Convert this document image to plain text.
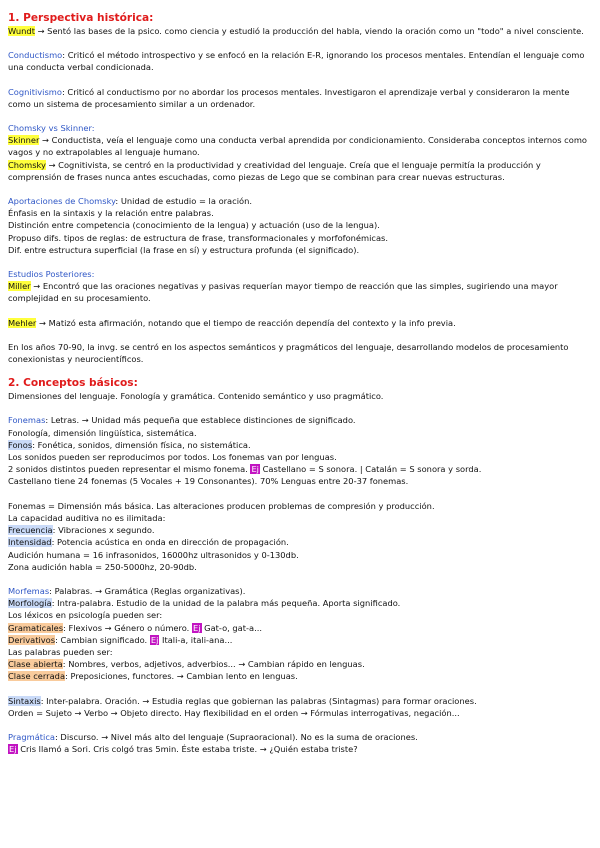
1. Perspectiva histórica:
Wundt → Sentó las bases de la psico. como ciencia y estudió la producción del habla, viendo la oración como un "todo" a nivel consciente.
Conductismo: Criticó el método introspectivo y se enfocó en la relación E-R, ignorando los procesos mentales. Entendían el lenguaje como una conducta verbal condicionada.
Cognitivismo: Criticó al conductismo por no abordar los procesos mentales. Investigaron el aprendizaje verbal y consideraron la mente como un sistema de procesamiento similar a un ordenador.
Chomsky vs Skinner:
Skinner → Conductista, veía el lenguaje como una conducta verbal aprendida por condicionamiento. Consideraba conceptos internos como vagos y no extrapolables al lenguaje humano.
Chomsky → Cognitivista, se centró en la productividad y creatividad del lenguaje. Creía que el lenguaje permitía la producción y comprensión de frases nunca antes escuchadas, como piezas de Lego que se combinan para crear nuevas estructuras.
Aportaciones de Chomsky: Unidad de estudio = la oración.
Énfasis en la sintaxis y la relación entre palabras.
Distinción entre competencia (conocimiento de la lengua) y actuación (uso de la lengua).
Propuso difs. tipos de reglas: de estructura de frase, transformacionales y morfofonémicas.
Dif. entre estructura superficial (la frase en sí) y estructura profunda (el significado).
Estudios Posteriores:
Miller → Encontró que las oraciones negativas y pasivas requerían mayor tiempo de reacción que las simples, sugiriendo una mayor complejidad en su procesamiento.
Mehler → Matizó esta afirmación, notando que el tiempo de reacción dependía del contexto y la info previa.
En los años 70-90, la invg. se centró en los aspectos semánticos y pragmáticos del lenguaje, desarrollando modelos de procesamiento conexionistas y neurocientíficos.
2. Conceptos básicos:
Dimensiones del lenguaje. Fonología y gramática. Contenido semántico y uso pragmático.
Fonemas: Letras. → Unidad más pequeña que establece distinciones de significado.
Fonología, dimensión lingüística, sistemática.
Fonos: Fonética, sonidos, dimensión física, no sistemática.
Los sonidos pueden ser reproducimos por todos. Los fonemas van por lenguas.
2 sonidos distintos pueden representar el mismo fonema. Ej Castellano = S sonora. | Catalán = S sonora y sorda.
Castellano tiene 24 fonemas (5 Vocales + 19 Consonantes). 70% Lenguas entre 20-37 fonemas.
Fonemas = Dimensión más básica. Las alteraciones producen problemas de compresión y producción.
La capacidad auditiva no es ilimitada:
Frecuencia: Vibraciones x segundo.
Intensidad: Potencia acústica en onda en dirección de propagación.
Audición humana = 16 infrasonidos, 16000hz ultrasonidos y 0-130db.
Zona audición habla = 250-5000hz, 20-90db.
Morfemas: Palabras. → Gramática (Reglas organizativas).
Morfología: Intra-palabra. Estudio de la unidad de la palabra más pequeña. Aporta significado.
Los léxicos en psicología pueden ser:
Gramaticales: Flexivos → Género o número. Ej Gat-o, gat-a...
Derivativos: Cambian significado. Ej Itali-a, itali-ana...
Las palabras pueden ser:
Clase abierta: Nombres, verbos, adjetivos, adverbios... → Cambian rápido en lenguas.
Clase cerrada: Preposiciones, functores. → Cambian lento en lenguas.
Sintaxis: Inter-palabra. Oración. → Estudia reglas que gobiernan las palabras (Sintagmas) para formar oraciones.
Orden = Sujeto → Verbo → Objeto directo. Hay flexibilidad en el orden → Fórmulas interrogativas, negación...
Pragmática: Discurso. → Nivel más alto del lenguaje (Supraoracional). No es la suma de oraciones.
Ej Cris llamó a Sori. Cris colgó tras 5min. Éste estaba triste. → ¿Quién estaba triste?
